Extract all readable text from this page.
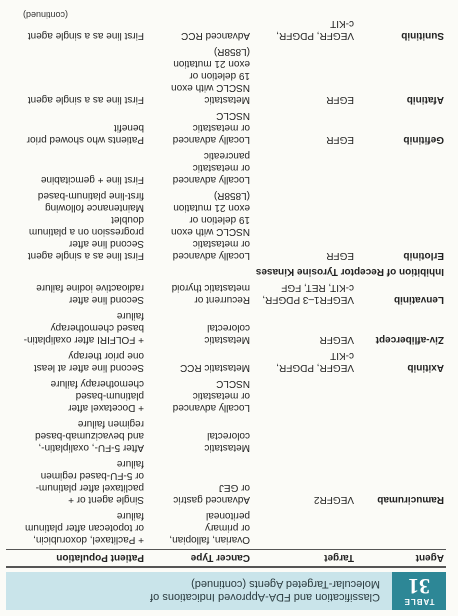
TABLE
31
Classification and FDA-Approved Indications of
Molecular-Targeted Agents (continued)
Agent
Target
Cancer Type
Patient Population
Ovarian, fallopian,
or primary
peritoneal
+ Paclitaxel, doxorubicin,
or topotecan after platinum
failure
Ramucirumab
VEGFR2
Advanced gastric
or GEJ
Single agent or +
paclitaxel after platinum-
or 5-FU-based regimen
failure
Metastatic
colorectal
After 5-FU-, oxaliplatin-,
and bevacizumab-based
regimen failure
Locally advanced
or metastatic
NSCLC
+ Docetaxel after
platinum-based
chemotherapy failure
Axitinib
VEGFR, PDGFR,
c-KIT
Metastatic RCC
Second line after at least
one prior therapy
Ziv-aflibercept
VEGFR
Metastatic
colorectal
+ FOLFIRI after oxaliplatin-
based chemotherapy
failure
Lenvatinib
VEGFR1–3 PDGFR,
c-KIT, RET, FGF
Recurrent or
metastatic thyroid
Second line after
radioactive iodine failure
Inhibition of Receptor Tyrosine Kinases
Erlotinib
EGFR
Locally advanced
or metastatic
NSCLC with exon
19 deletion or
exon 21 mutation
(L858R)
First line as a single agent
Second line after
progression on a platinum
doublet
Maintenance following
first-line platinum-based
Locally advanced
or metastatic
pancreatic
First line + gemcitabine
Gefitinib
EGFR
Locally advanced
or metastatic
NSCLC
Patients who showed prior
benefit
Afatinib
EGFR
Metastatic
NSCLC with exon
19 deletion or
exon 21 mutation
(L858R)
First line as a single agent
Sunitinib
VEGFR, PDGFR,
c-KIT
Advanced RCC
First line as a single agent
(continued)
